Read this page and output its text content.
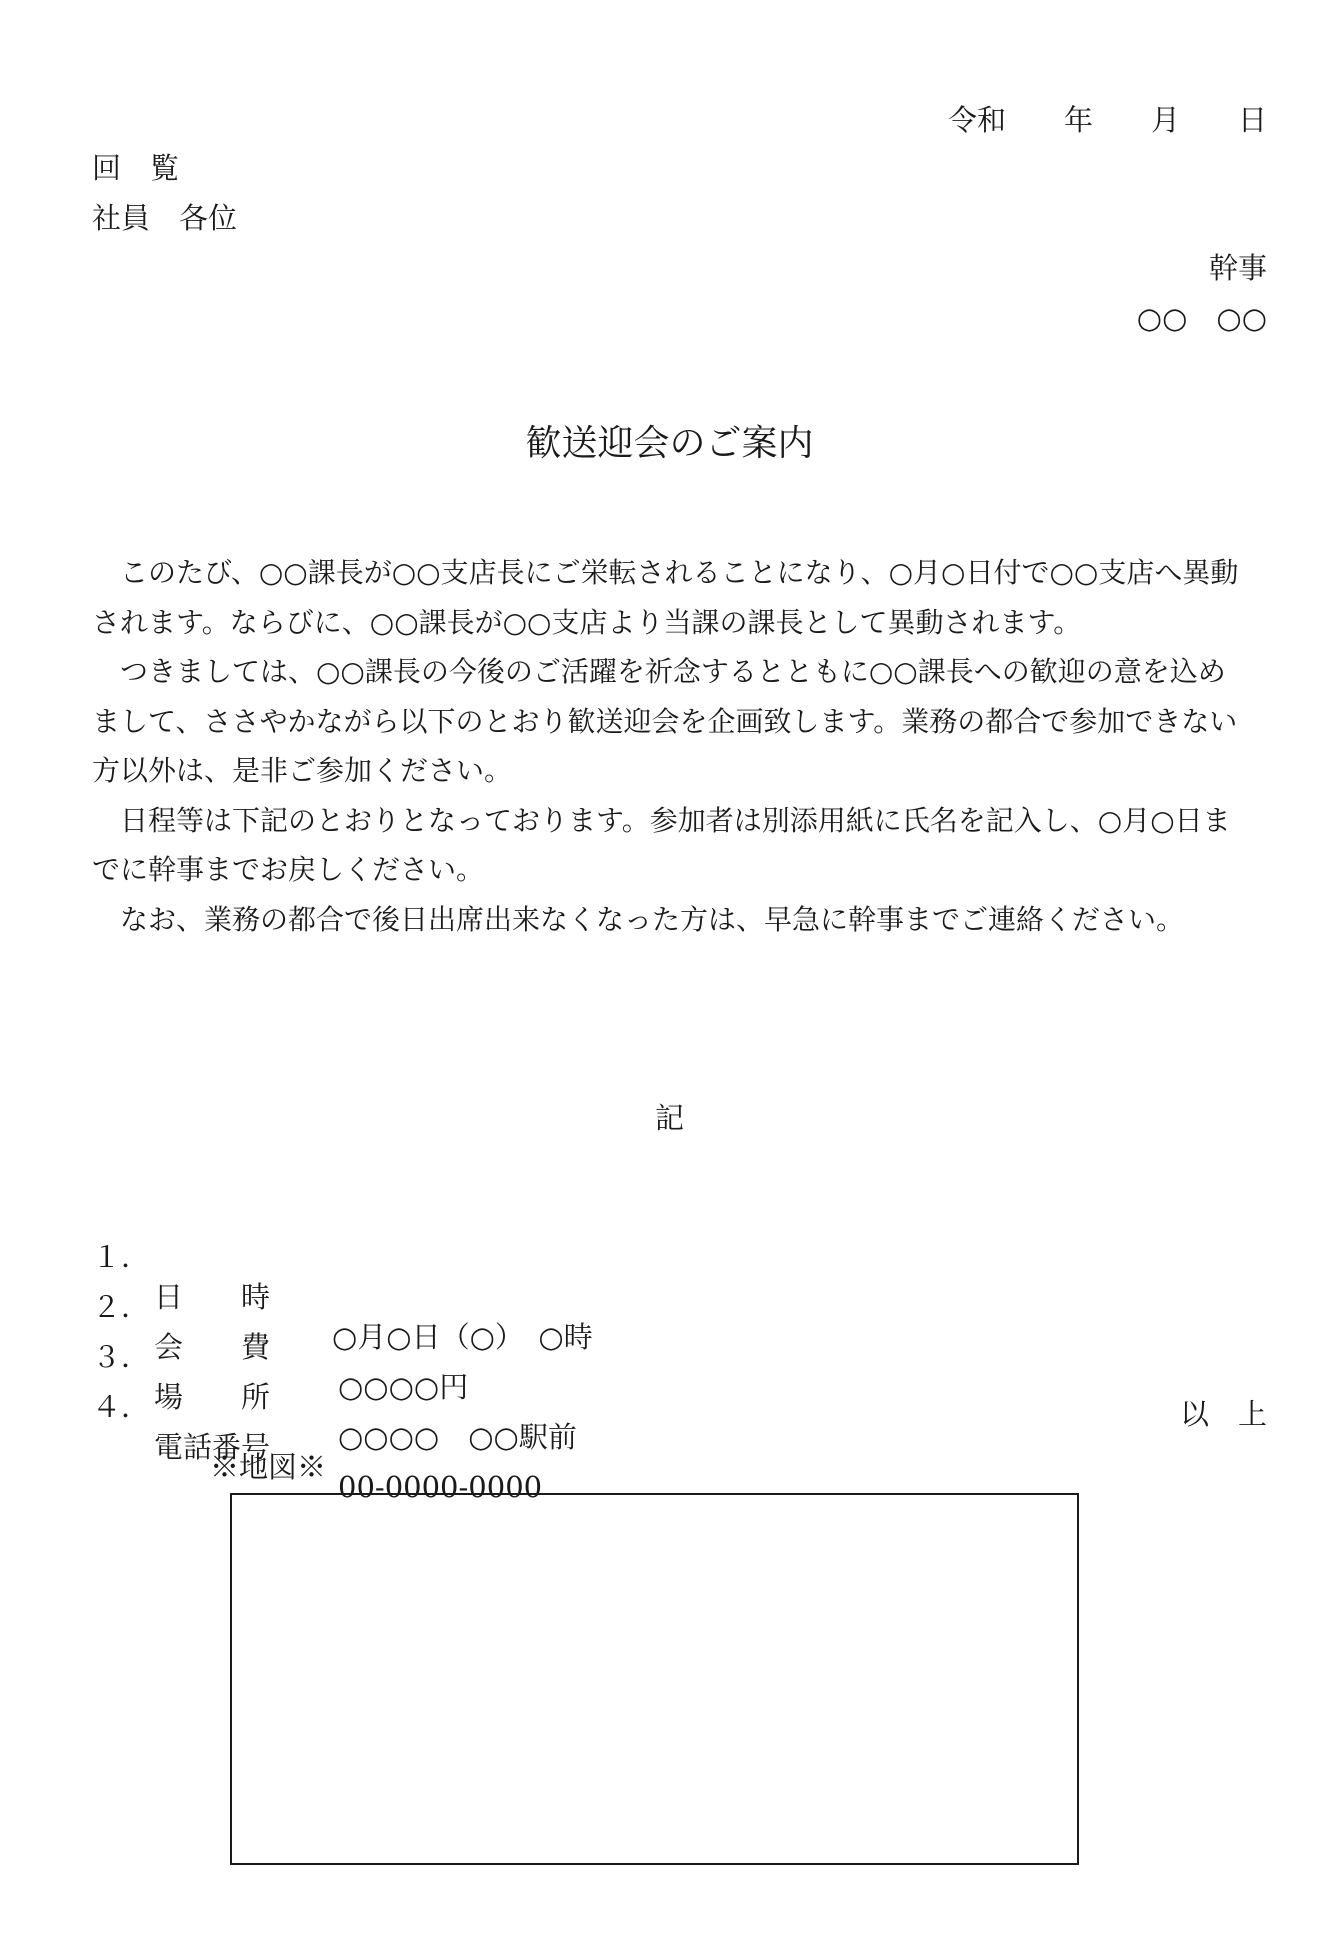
令和　　年　　月　　日
回　覧
社員　各位
幹事
○○　○○
歓送迎会のご案内

このたび、○○課長が○○支店長にご栄転されることになり、○月○日付で○○支店へ異動されます。ならびに、○○課長が○○支店より当課の課長として異動されます。

つきましては、○○課長の今後のご活躍を祈念するとともに○○課長への歓迎の意を込めまして、ささやかながら以下のとおり歓送迎会を企画致します。業務の都合で参加できない方以外は、是非ご参加ください。

日程等は下記のとおりとなっております。参加者は別添用紙に氏名を記入し、○月○日までに幹事までお戻しください。

なお、業務の都合で後日出席出来なくなった方は、早急に幹事までご連絡ください。

記

１．

日　　時

○月○日（○）　○時

２．

会　　費

○○○○円

３．

場　　所

○○○○　○○駅前

４．

電話番号

00-0000-0000

以　上
※地図※
